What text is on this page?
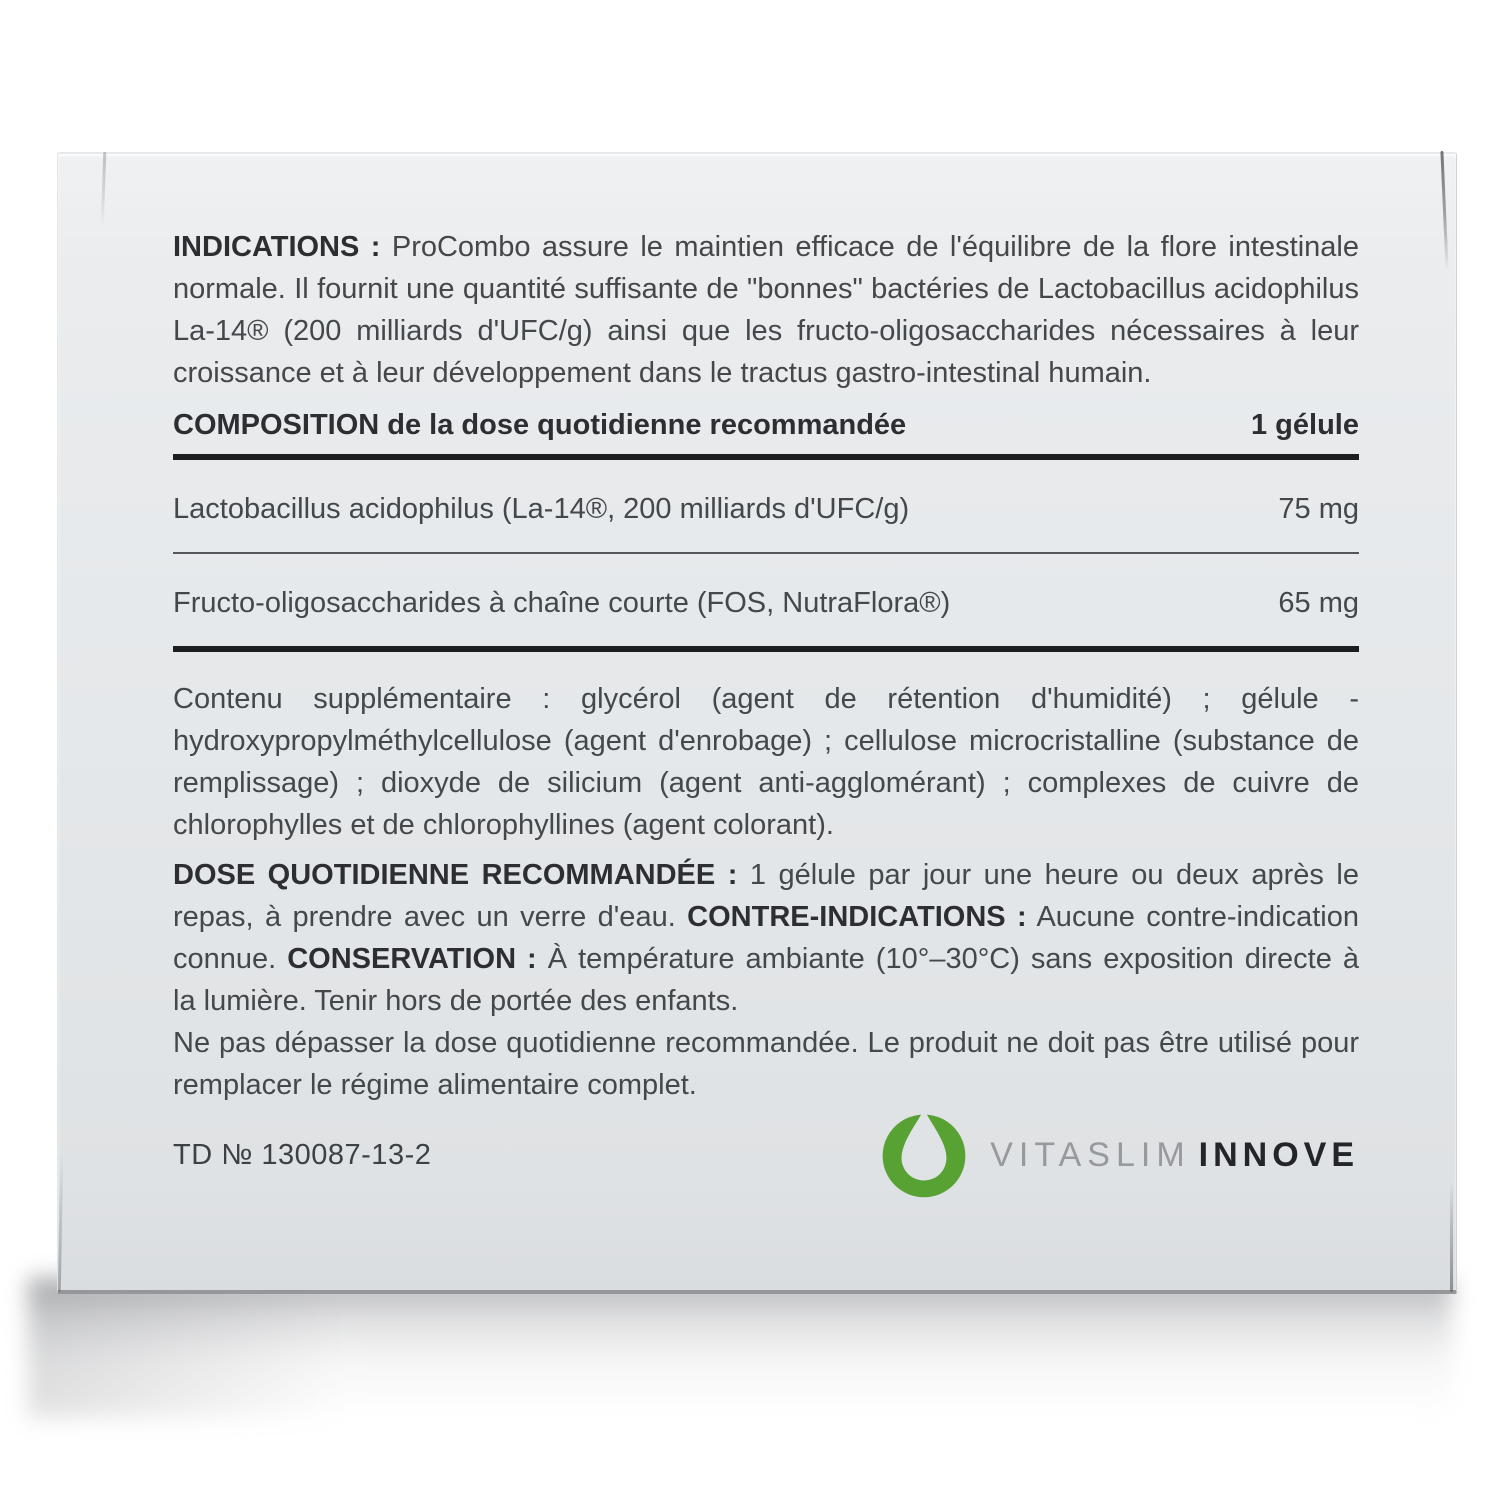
INDICATIONS : ProCombo assure le maintien efficace de l'équilibre de la flore intestinale normale. Il fournit une quantité suffisante de "bonnes" bactéries de Lactobacillus acidophilus La-14® (200 milliards d'UFC/g) ainsi que les fructo-oligosaccharides nécessaires à leur croissance et à leur développement dans le tractus gastro-intestinal humain.

COMPOSITION de la dose quotidienne recommandée	1 gélule
Lactobacillus acidophilus (La-14®, 200 milliards d'UFC/g)	75 mg
Fructo-oligosaccharides à chaîne courte (FOS, NutraFlora®)	65 mg

Contenu supplémentaire : glycérol (agent de rétention d'humidité) ; gélule - hydroxypropylméthylcellulose (agent d'enrobage) ; cellulose microcristalline (substance de remplissage) ; dioxyde de silicium (agent anti-agglomérant) ; complexes de cuivre de chlorophylles et de chlorophyllines (agent colorant).

DOSE QUOTIDIENNE RECOMMANDÉE : 1 gélule par jour une heure ou deux après le repas, à prendre avec un verre d'eau. CONTRE-INDICATIONS : Aucune contre-indication connue. CONSERVATION : À température ambiante (10°–30°C) sans exposition directe à la lumière. Tenir hors de portée des enfants.

Ne pas dépasser la dose quotidienne recommandée. Le produit ne doit pas être utilisé pour remplacer le régime alimentaire complet.

TD № 130087-13-2	VITASLIM INNOVE
